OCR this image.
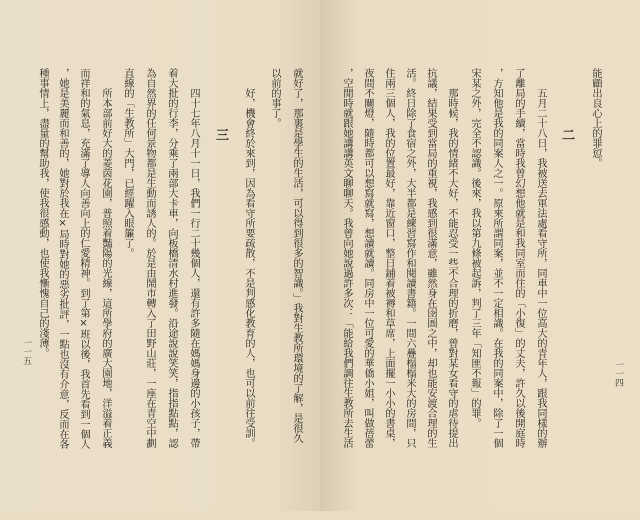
就好了，那裏是學生的生活，可以得到很多的智識。」我對生教所環境的了解，是很久
以前的事了。
好，機會終於來到，因為看守所要疏散，不是判感化教育的人，也可以前往受訓。
三
四十七年八月十一日，我們一行二十幾個人，還有許多隨在媽媽身邊的小孩子，帶
着大批的行李，分乘了兩部大卡車，向板橋清水村進發。沿途說說笑笑，指指點點，認
為自然界的任何景物都是生動而誘人的。於是由鬧市轉入了田野山莊，一座在青空中劃
直線的「生教所」大門，已經躍入眼簾了。
所本部前好大的菱茵花園，普照着豔陽的光線，這所學府的廣大園地，洋溢着正義
而祥和的氣息，充滿了導人向善向上的仁愛精神。到了第×班以後，我首先看到一個人
，她是美麗而和善的，她對於我在×局時對她的惡劣批評，一點也沒有介意，反而在各
種事情上，盡量的幫助我，使我很感動，也使我慚愧自己的淺薄。
一一五
能顧出良心上的罪愆。
二
五月二十八日，我被送去軍法處看守所，同車中一位高大的青年人，跟我同樣的辦
了離局的手續，當時我曾幻想他就是和我同室而住的「小復」的丈夫，許久以後開庭時
，方知他是我的同案人之一。原來所謂同案，並不一定相識。在我的同案中，除了一個
宋某之外，完全不認識。後來，我以第九條被起訴，判了三年「知匪不報」的罪。
那時候，我的情緒不大好，不能忍受一些不合理的折磨，曾對某女看守的虐待提出
抗議，結果受到當局的重視，我感到很滿意，雖然身在囹圄之中，却也能安渡合理的生
活。終日除了食宿之外，大半都是練習寫作和閱讀書籍。一間六疊榻榻米大的房間，只
住兩三個人，我的位置最好，靠近窗口，整日鋪着被褥和草席，上面擺一小小的書桌，
夜間不關燈，隨時都可以想寫就寫，想讀就讀。同房中一位可愛的華僑小姐，叫做蓓蕾
，空閒時就跟她講講英文聊聊天。我曾向她說過許多次：「能給我們調往生教所去生活	一一四
